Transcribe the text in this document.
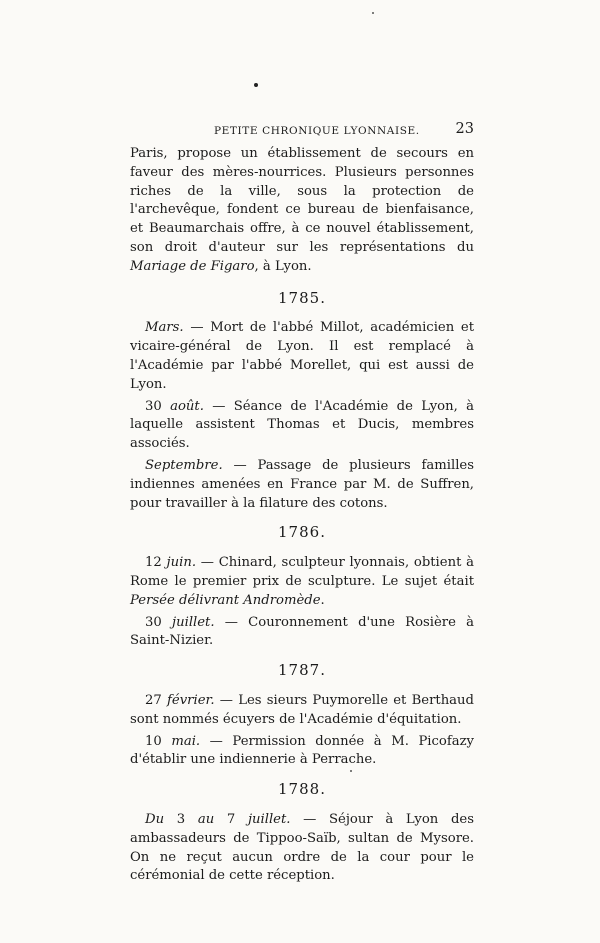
PETITE CHRONIQUE LYONNAISE. 23

Paris, propose un établissement de secours en faveur des mères-nourrices. Plusieurs personnes riches de la ville, sous la protection de l'archevêque, fondent ce bureau de bienfaisance, et Beaumarchais offre, à ce nouvel établissement, son droit d'auteur sur les représentations du Mariage de Figaro, à Lyon.

1785.

Mars. — Mort de l'abbé Millot, académicien et vicaire-général de Lyon. Il est remplacé à l'Académie par l'abbé Morellet, qui est aussi de Lyon.

30 août. — Séance de l'Académie de Lyon, à laquelle assistent Thomas et Ducis, membres associés.

Septembre. — Passage de plusieurs familles indiennes amenées en France par M. de Suffren, pour travailler à la filature des cotons.

1786.

12 juin. — Chinard, sculpteur lyonnais, obtient à Rome le premier prix de sculpture. Le sujet était Persée délivrant Andromède.

30 juillet. — Couronnement d'une Rosière à Saint-Nizier.

1787.

27 février. — Les sieurs Puymorelle et Berthaud sont nommés écuyers de l'Académie d'équitation.

10 mai. — Permission donnée à M. Picofazy d'établir une indiennerie à Perrache.

1788.

Du 3 au 7 juillet. — Séjour à Lyon des ambassadeurs de Tippoo-Saïb, sultan de Mysore. On ne reçut aucun ordre de la cour pour le cérémonial de cette réception.
